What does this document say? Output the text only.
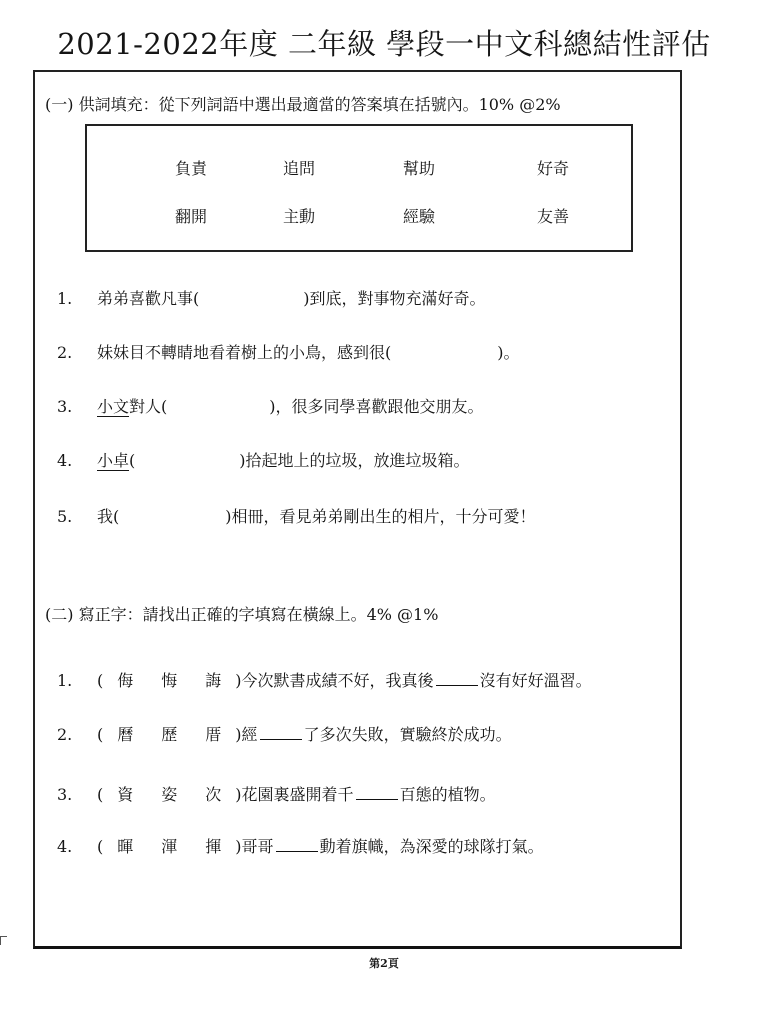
2021-2022年度 二年級 學段一中文科總結性評估
(一) 供詞填充：從下列詞語中選出最適當的答案填在括號內。10% @2%
負責	追問	幫助	好奇
翻開	主動	經驗	友善
1. 弟弟喜歡凡事(	)到底，對事物充滿好奇。
2. 妹妹目不轉睛地看着樹上的小鳥，感到很(	)。
3. 小文對人(	)，很多同學喜歡跟他交朋友。
4. 小卓(	)拾起地上的垃圾，放進垃圾箱。
5. 我(	)相冊，看見弟弟剛出生的相片，十分可愛！
(二) 寫正字：請找出正確的字填寫在橫線上。4% @1%
1. ( 侮 悔 誨 )今次默書成績不好，我真後	沒有好好溫習。
2. ( 曆 歷 厝 )經	了多次失敗，實驗終於成功。
3. ( 資 姿 次 )花園裏盛開着千	百態的植物。
4. ( 暉 渾 揮 )哥哥	動着旗幟，為深愛的球隊打氣。
第2頁
